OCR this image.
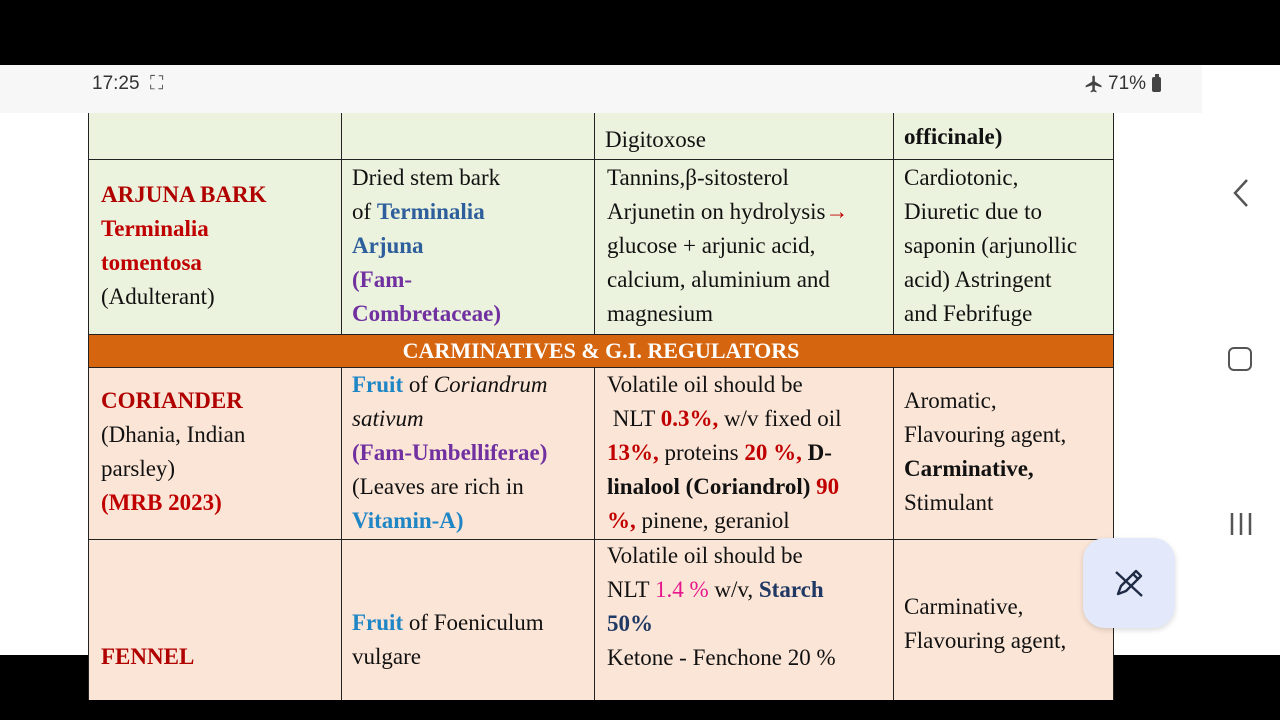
17:25 ⛶	71%
Digitoxose	officinale)
ARJUNA BARK
Terminalia
tomentosa
(Adulterant)
Dried stem bark
of Terminalia
Arjuna
(Fam-
Combretaceae)
Tannins,β-sitosterol
Arjunetin on hydrolysis→
glucose + arjunic acid,
calcium, aluminium and
magnesium
Cardiotonic,
Diuretic due to
saponin (arjunollic
acid) Astringent
and Febrifuge
CARMINATIVES & G.I. REGULATORS
CORIANDER
(Dhania, Indian
parsley)
(MRB 2023)
Fruit of Coriandrum
sativum
(Fam-Umbelliferae)
(Leaves are rich in
Vitamin-A)
Volatile oil should be
NLT 0.3%, w/v fixed oil
13%, proteins 20 %, D-
linalool (Coriandrol) 90
%, pinene, geraniol
Aromatic,
Flavouring agent,
Carminative,
Stimulant
FENNEL
Fruit of Foeniculum
vulgare
Volatile oil should be
NLT 1.4 % w/v, Starch
50%
Ketone - Fenchone 20 %
Carminative,
Flavouring agent,
